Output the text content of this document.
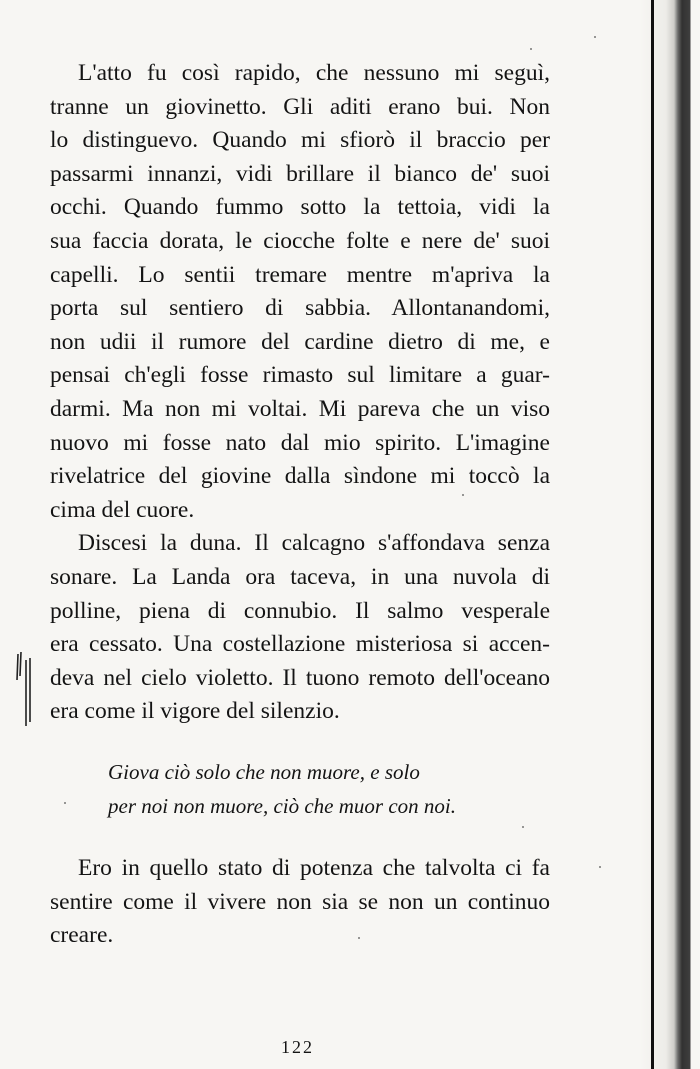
L'atto fu così rapido, che nessuno mi seguì,
tranne un giovinetto. Gli aditi erano bui. Non
lo distinguevo. Quando mi sfiorò il braccio per
passarmi innanzi, vidi brillare il bianco de' suoi
occhi. Quando fummo sotto la tettoia, vidi la
sua faccia dorata, le ciocche folte e nere de' suoi
capelli. Lo sentii tremare mentre m'apriva la
porta sul sentiero di sabbia. Allontanandomi,
non udii il rumore del cardine dietro di me, e
pensai ch'egli fosse rimasto sul limitare a guar-
darmi. Ma non mi voltai. Mi pareva che un viso
nuovo mi fosse nato dal mio spirito. L'imagine
rivelatrice del giovine dalla sìndone mi toccò la
cima del cuore.
Discesi la duna. Il calcagno s'affondava senza
sonare. La Landa ora taceva, in una nuvola di
polline, piena di connubio. Il salmo vesperale
era cessato. Una costellazione misteriosa si accen-
deva nel cielo violetto. Il tuono remoto dell'oceano
era come il vigore del silenzio.
Giova ciò solo che non muore, e solo
per noi non muore, ciò che muor con noi.
Ero in quello stato di potenza che talvolta ci fa
sentire come il vivere non sia se non un continuo
creare.
122
